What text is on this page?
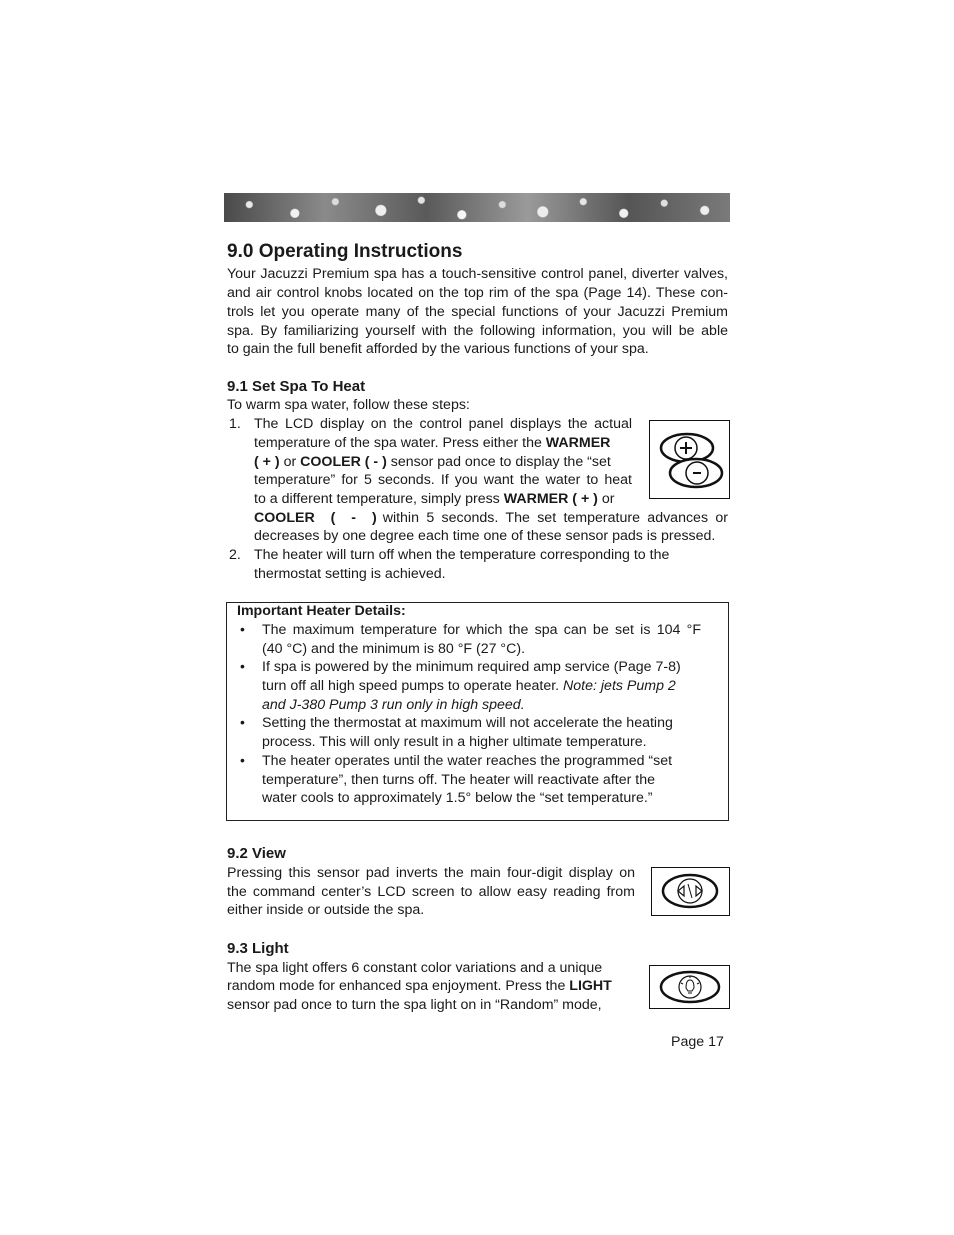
9.0 Operating Instructions
Your Jacuzzi Premium spa has a touch-sensitive control panel, diverter valves,
and air control knobs located on the top rim of the spa (Page 14). These con-
trols let you operate many of the special functions of your Jacuzzi Premium
spa. By familiarizing yourself with the following information, you will be able
to gain the full benefit afforded by the various functions of your spa.
9.1 Set Spa To Heat
To warm spa water, follow these steps:
1. The LCD display on the control panel displays the actual
temperature of the spa water. Press either the WARMER
( + ) or COOLER ( - ) sensor pad once to display the “set
temperature” for 5 seconds. If you want the water to heat
to a different temperature, simply press WARMER ( + ) or
COOLER ( - ) within 5 seconds. The set temperature advances or
decreases by one degree each time one of these sensor pads is pressed.
2. The heater will turn off when the temperature corresponding to the
thermostat setting is achieved.
Important Heater Details:
• The maximum temperature for which the spa can be set is 104 °F
(40 °C) and the minimum is 80 °F (27 °C).
• If spa is powered by the minimum required amp service (Page 7-8)
turn off all high speed pumps to operate heater. Note: jets Pump 2
and J-380 Pump 3 run only in high speed.
• Setting the thermostat at maximum will not accelerate the heating
process. This will only result in a higher ultimate temperature.
• The heater operates until the water reaches the programmed “set
temperature”, then turns off. The heater will reactivate after the
water cools to approximately 1.5° below the “set temperature.”
9.2 View
Pressing this sensor pad inverts the main four-digit display on
the command center’s LCD screen to allow easy reading from
either inside or outside the spa.
9.3 Light
The spa light offers 6 constant color variations and a unique
random mode for enhanced spa enjoyment. Press the LIGHT
sensor pad once to turn the spa light on in “Random” mode,
Page 17
